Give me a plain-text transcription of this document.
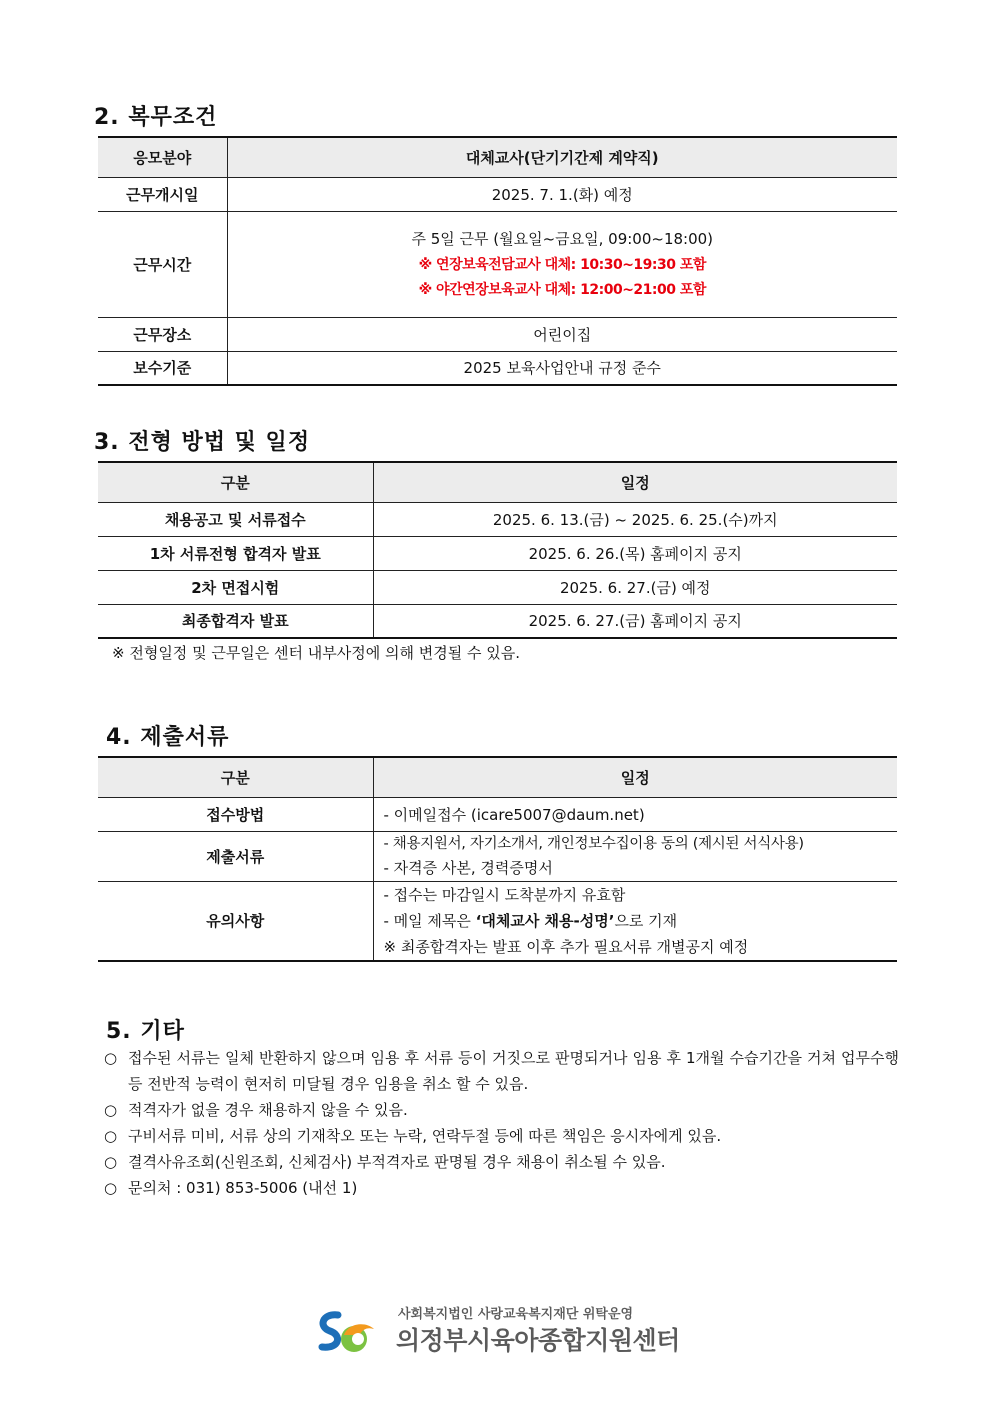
2. 복무조건
응모분야	대체교사(단기기간제 계약직)
근무개시일	2025. 7. 1.(화) 예정
근무시간	주 5일 근무 (월요일~금요일, 09:00~18:00)
※ 연장보육전담교사 대체: 10:30~19:30 포함
※ 야간연장보육교사 대체: 12:00~21:00 포함

근무장소	어린이집
보수기준	2025 보육사업안내 규정 준수
3. 전형 방법 및 일정
구분	일정
채용공고 및 서류접수	2025. 6. 13.(금) ~ 2025. 6. 25.(수)까지
1차 서류전형 합격자 발표	2025. 6. 26.(목) 홈페이지 공지
2차 면접시험	2025. 6. 27.(금) 예정
최종합격자 발표	2025. 6. 27.(금) 홈페이지 공지

※ 전형일정 및 근무일은 센터 내부사정에 의해 변경될 수 있음.

4. 제출서류
구분	일정
접수방법	- 이메일접수 (icare5007@daum.net)
제출서류	- 채용지원서, 자기소개서, 개인정보수집이용 동의 (제시된 서식사용)
- 자격증 사본, 경력증명서

유의사항	- 접수는 마감일시 도착분까지 유효함
- 메일 제목은 ‘대체교사 채용-성명’으로 기재
※ 최종합격자는 발표 이후 추가 필요서류 개별공지 예정
5. 기타
○ 접수된 서류는 일체 반환하지 않으며 임용 후 서류 등이 거짓으로 판명되거나 임용 후 1개월 수습기간을 거쳐 업무수행 등 전반적 능력이 현저히 미달될 경우 임용을 취소 할 수 있음.
○ 적격자가 없을 경우 채용하지 않을 수 있음.
○ 구비서류 미비, 서류 상의 기재착오 또는 누락, 연락두절 등에 따른 책임은 응시자에게 있음.
○ 결격사유조회(신원조회, 신체검사) 부적격자로 판명될 경우 채용이 취소될 수 있음.
○ 문의처 : 031) 853-5006 (내선 1)
사회복지법인 사랑교육복지재단 위탁운영
의정부시육아종합지원센터
